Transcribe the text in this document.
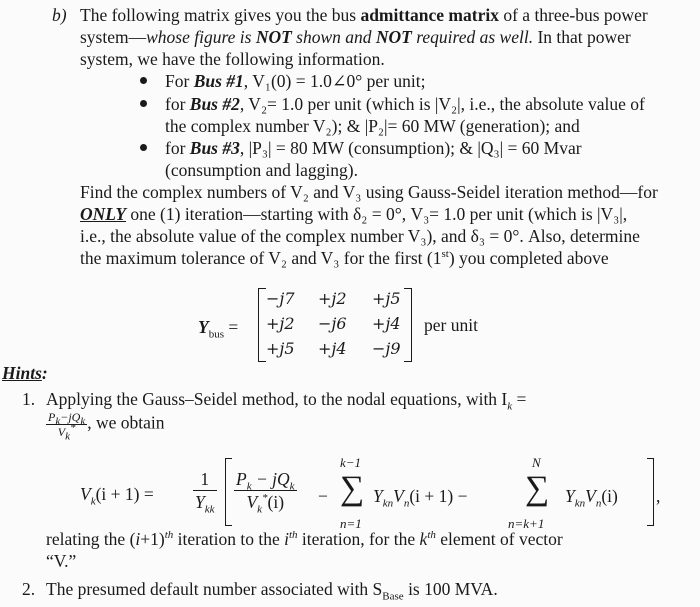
b) The following matrix gives you the bus admittance matrix of a three-bus power
system—whose figure is NOT shown and NOT required as well. In that power
system, we have the following information.
For Bus #1, V₁(0) = 1.0∠0° per unit;
for Bus #2, V₂= 1.0 per unit (which is |V₂|, i.e., the absolute value of
the complex number V₂); & |P₂|= 60 MW (generation); and
for Bus #3, |P₃| = 80 MW (consumption); & |Q₃| = 60 Mvar
(consumption and lagging).
Find the complex numbers of V₂ and V₃ using Gauss-Seidel iteration method—for
ONLY one (1) iteration—starting with δ₂ = 0°, V₃= 1.0 per unit (which is |V₃|,
i.e., the absolute value of the complex number V₃), and δ₃ = 0°. Also, determine
the maximum tolerance of V₂ and V₃ for the first (1st) you completed above
$Y_{bus}$ =
−j7 +j2 +j5
+j2 −j6 +j4
+j5 +j4 −j9
per unit
Hints:
1. Applying the Gauss–Seidel method, to the nodal equations, with $I_k$ =
$\frac{P_k-jQ_k}{V_k^*}$ , we obtain
$V_k(i + 1) = \frac{1}{Y_{kk}} \frac{P_k - jQ_k}{V_k^*(i)}$ −
k−1
∑
n=1
$Y_{kn}V_n(i + 1)$ −
N
∑
n=k+1
$Y_{kn}V_n(i)$ ,
relating the $(i+1)^{th}$ iteration to the $i^{th}$ iteration, for the $k^{th}$ element of vector
“V.”
2. The presumed default number associated with $S_{Base}$ is 100 MVA.
